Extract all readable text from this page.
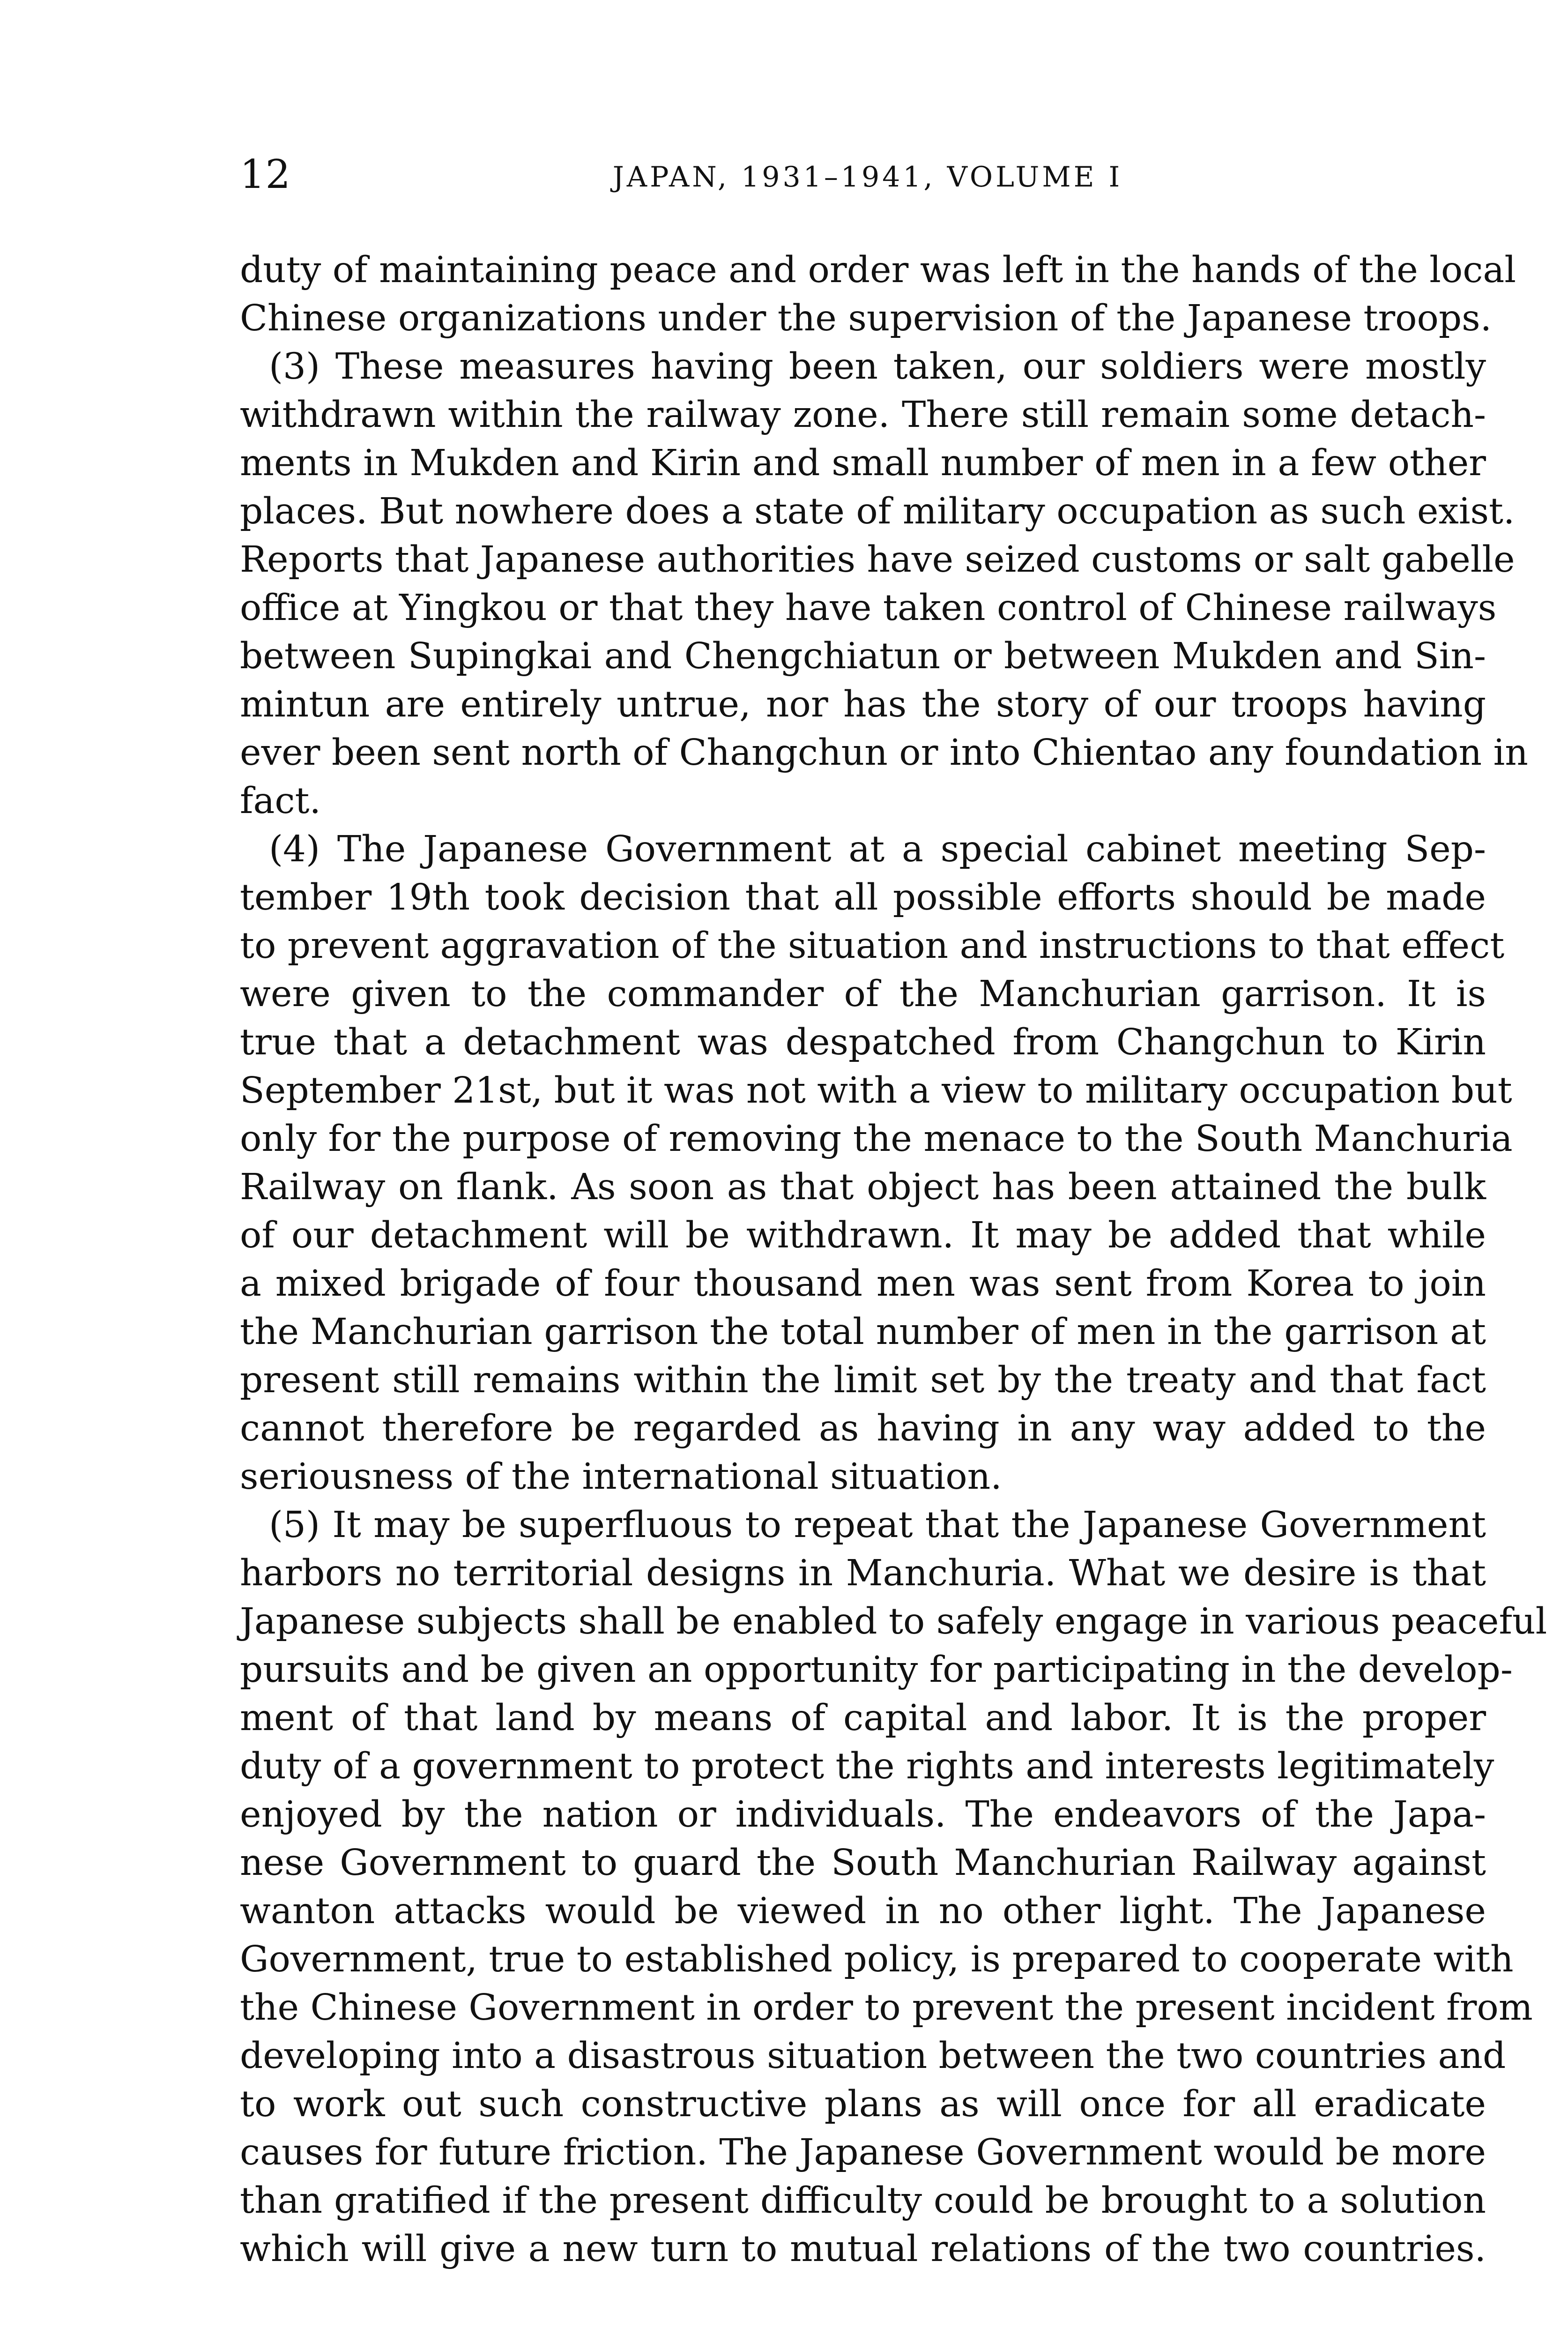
12	JAPAN, 1931–1941, VOLUME I
duty of maintaining peace and order was left in the hands of the local
Chinese organizations under the supervision of the Japanese troops.
(3) These measures having been taken, our soldiers were mostly
withdrawn within the railway zone. There still remain some detach-
ments in Mukden and Kirin and small number of men in a few other
places. But nowhere does a state of military occupation as such exist.
Reports that Japanese authorities have seized customs or salt gabelle
office at Yingkou or that they have taken control of Chinese railways
between Supingkai and Chengchiatun or between Mukden and Sin-
mintun are entirely untrue, nor has the story of our troops having
ever been sent north of Changchun or into Chientao any foundation in
fact.
(4) The Japanese Government at a special cabinet meeting Sep-
tember 19th took decision that all possible efforts should be made
to prevent aggravation of the situation and instructions to that effect
were given to the commander of the Manchurian garrison. It is
true that a detachment was despatched from Changchun to Kirin
September 21st, but it was not with a view to military occupation but
only for the purpose of removing the menace to the South Manchuria
Railway on flank. As soon as that object has been attained the bulk
of our detachment will be withdrawn. It may be added that while
a mixed brigade of four thousand men was sent from Korea to join
the Manchurian garrison the total number of men in the garrison at
present still remains within the limit set by the treaty and that fact
cannot therefore be regarded as having in any way added to the
seriousness of the international situation.
(5) It may be superfluous to repeat that the Japanese Government
harbors no territorial designs in Manchuria. What we desire is that
Japanese subjects shall be enabled to safely engage in various peaceful
pursuits and be given an opportunity for participating in the develop-
ment of that land by means of capital and labor. It is the proper
duty of a government to protect the rights and interests legitimately
enjoyed by the nation or individuals. The endeavors of the Japa-
nese Government to guard the South Manchurian Railway against
wanton attacks would be viewed in no other light. The Japanese
Government, true to established policy, is prepared to cooperate with
the Chinese Government in order to prevent the present incident from
developing into a disastrous situation between the two countries and
to work out such constructive plans as will once for all eradicate
causes for future friction. The Japanese Government would be more
than gratified if the present difficulty could be brought to a solution
which will give a new turn to mutual relations of the two countries.
